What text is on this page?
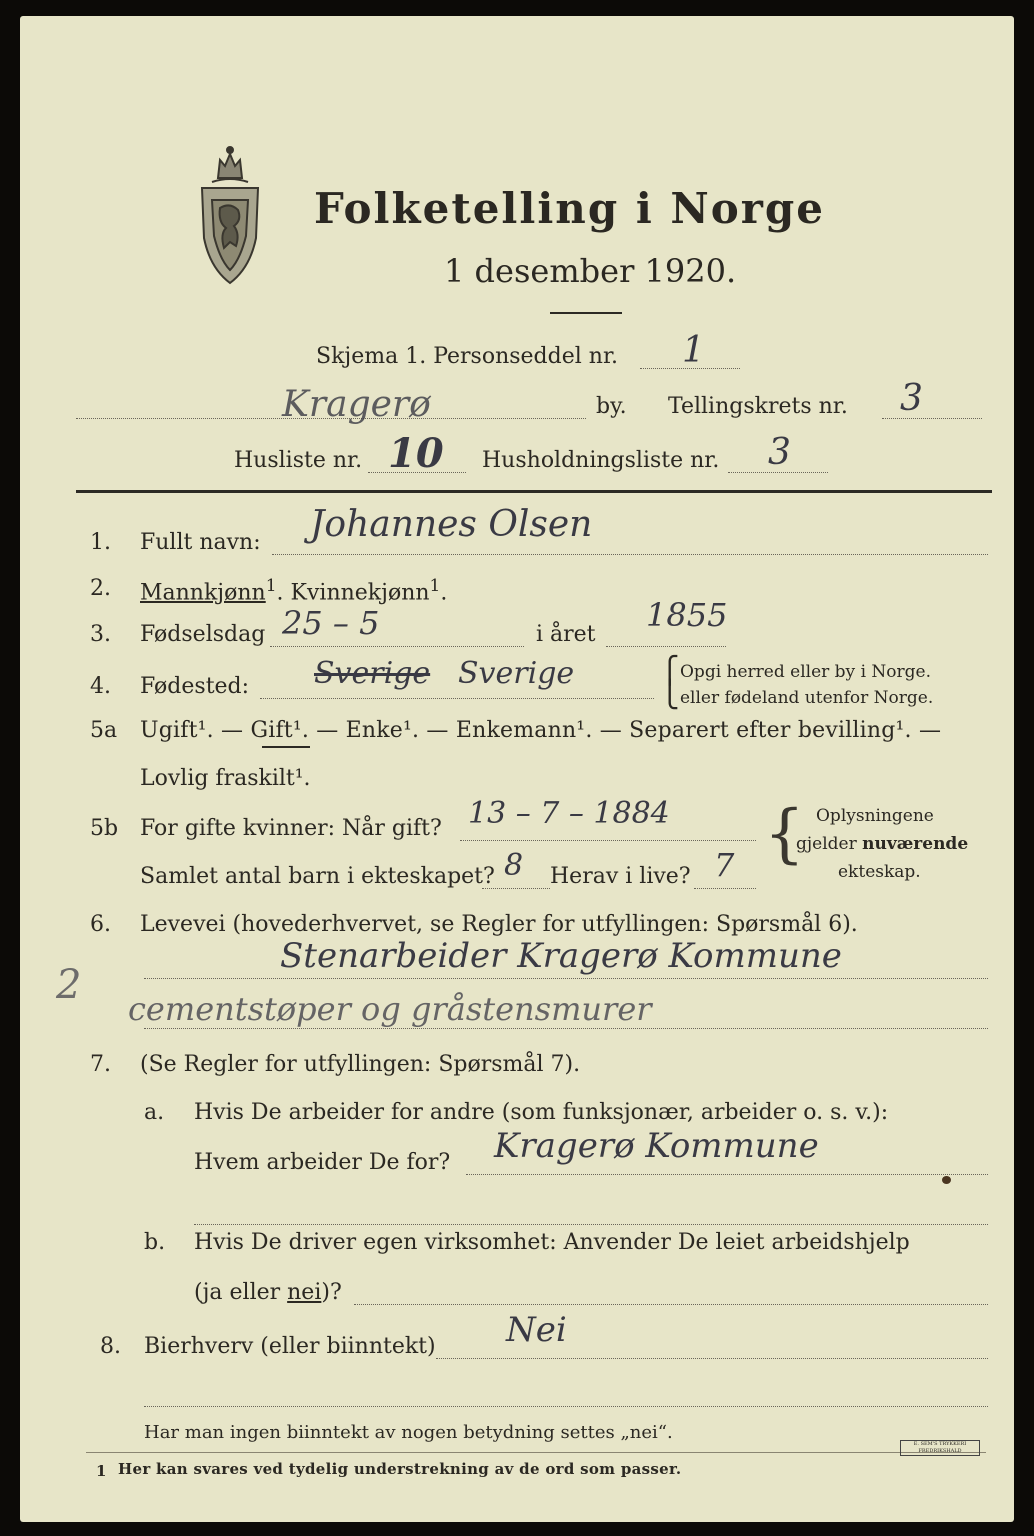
Folketelling i Norge
1 desember 1920.
Skjema 1. Personseddel nr. 1
Kragerø	by. Tellingskrets nr. 3
Husliste nr. 10 Husholdningsliste nr. 3
1. Fullt navn: Johannes Olsen
2. Mannkjønn$^1$. Kvinnekjønn$^1$.
3. Fødselsdag 25 – 5	i året
1855
4. Fødested: Sverige Sverige	⎧
⎩
Opgi herred eller by i Norge.
eller fødeland utenfor Norge.
5a Ugift¹. — Gift¹. — Enke¹. — Enkemann¹. — Separert efter bevilling¹. —
Lovlig fraskilt¹.
5b For gifte kvinner: Når gift? 13 – 7 – 1884
Samlet antal barn i ekteskapet? 8 Herav i live? 7 { Oplysningene
gjelder nuværende
ekteskap.
6. Levevei (hovederhvervet, se Regler for utfyllingen: Spørsmål 6).
Stenarbeider Kragerø Kommune
cementstøper og gråstensmurer
2
7. (Se Regler for utfyllingen: Spørsmål 7).
a. Hvis De arbeider for andre (som funksjonær, arbeider o. s. v.):
Hvem arbeider De for? Kragerø Kommune
b. Hvis De driver egen virksomhet: Anvender De leiet arbeidshjelp
(ja eller nei)?
8. Bierhverv (eller biinntekt) Nei
Har man ingen biinntekt av nogen betydning settes „nei“.
1 Her kan svares ved tydelig understrekning av de ord som passer.
E. SEM'S TRYKKERI FREDRIKSHALD
